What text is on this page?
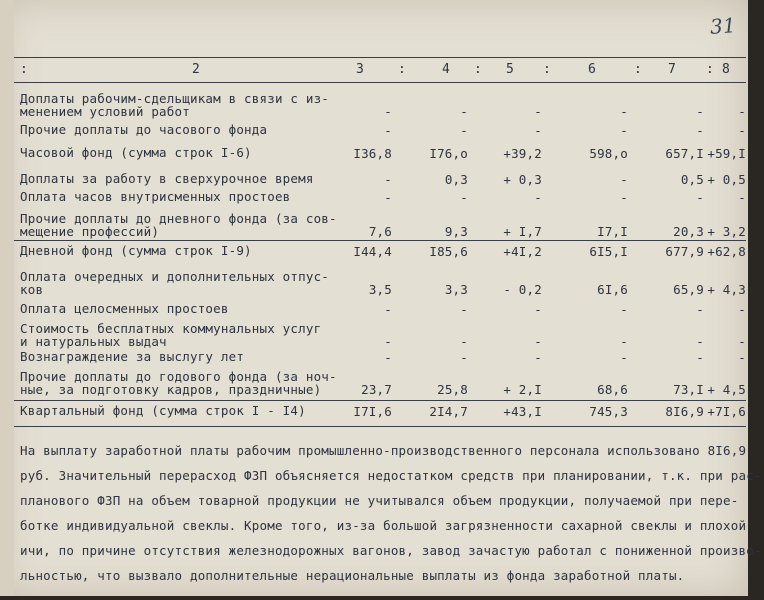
31
:	2	3	:	4 : 5 :	6	: 7 : 8
Доплаты рабочим-сдельщикам в связи с из-
менением условий работ	-	-	-	-	-	-
Прочие доплаты до часового фонда	-	-	-	-	-	-
Часовой фонд (сумма строк I-6)	I36,8	I76,о	+39,2	598,о	657,I +59,I
Доплаты за работу в сверхурочное время	-	0,3	+ 0,3	-	0,5 + 0,5
Оплата часов внутрисменных простоев	-	-	-	-	-	-
Прочие доплаты до дневного фонда (за сов-
мещение профессий)	7,6	9,3	+ I,7	I7,I	20,3 + 3,2
Дневной фонд (сумма строк I-9)	I44,4	I85,6	+4I,2	6I5,I	677,9 +62,8
Оплата очередных и дополнительных отпус-
ков	3,5	3,3	- 0,2	6I,6	65,9 + 4,3
Оплата целосменных простоев	-	-	-	-	-	-
Стоимость бесплатных коммунальных услуг
и натуральных выдач	-	-	-	-	-	-
Вознаграждение за выслугу лет	-	-	-	-	-	-
Прочие доплаты до годового фонда (за ноч-
ные, за подготовку кадров, праздничные)	23,7	25,8	+ 2,I	68,6	73,I + 4,5
Квартальный фонд (сумма строк I - I4)	I7I,6	2I4,7	+43,I	745,3	8I6,9 +7I,6
На выплату заработной платы рабочим промышленно-производственного персонала использовано 8I6,9
руб. Значительный перерасход ФЗП объясняется недостатком средств при планировании, т.к. при рас-
планового ФЗП на объем товарной продукции не учитывался объем продукции, получаемой при пере-
ботке индивидуальной свеклы. Кроме того, из-за большой загрязненности сахарной свеклы и плохой
ичи, по причине отсутствия железнодорожных вагонов, завод зачастую работал с пониженной произво-
льностью, что вызвало дополнительные нерациональные выплаты из фонда заработной платы.
